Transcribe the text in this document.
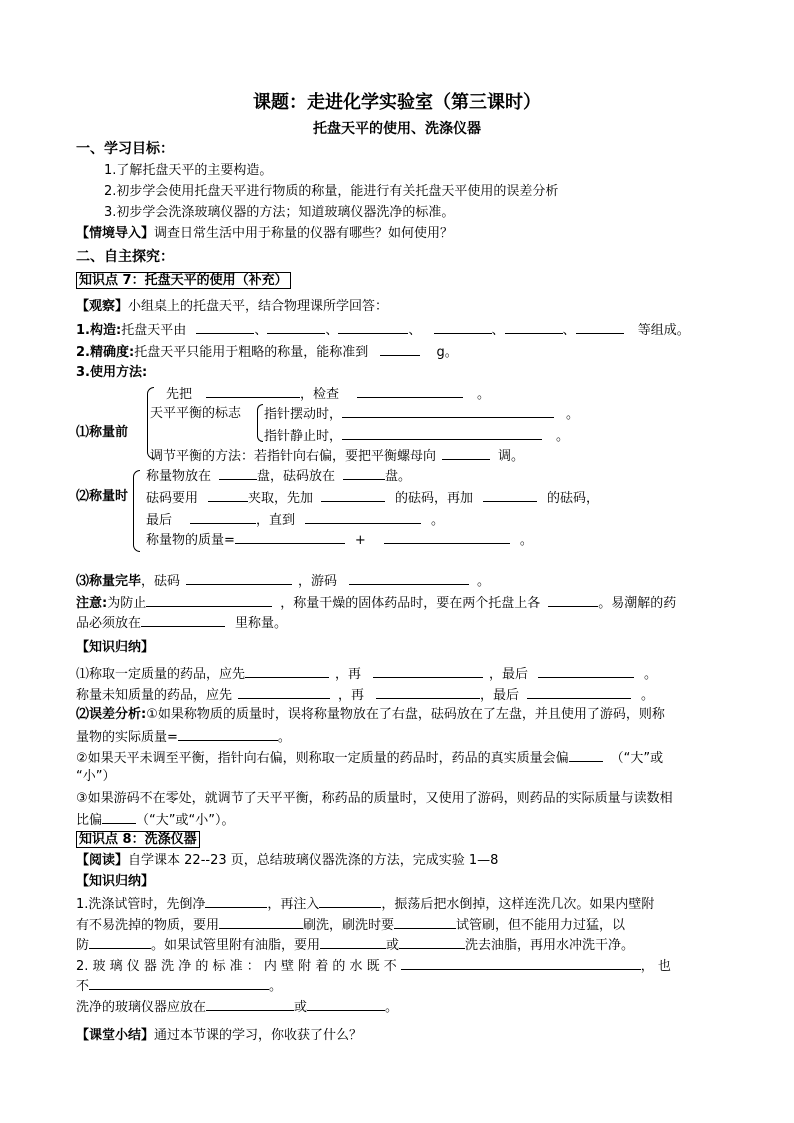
课题：走进化学实验室（第三课时）
托盘天平的使用、洗涤仪器
一、学习目标：
1.了解托盘天平的主要构造。
2.初步学会使用托盘天平进行物质的称量，能进行有关托盘天平使用的误差分析
3.初步学会洗涤玻璃仪器的方法；知道玻璃仪器洗净的标准。
【情境导入】调查日常生活中用于称量的仪器有哪些？如何使用？
二、自主探究：
知识点 7：托盘天平的使用（补充）
【观察】小组桌上的托盘天平，结合物理课所学回答：
1.构造:托盘天平由	、	、	、	、	、	等组成。
2.精确度:托盘天平只能用于粗略的称量，能称准到	g。
3.使用方法:
⑴称量前
先把	，检查	。
天平平衡的标志 指针摆动时，	。
指针静止时，	。
调节平衡的方法：若指针向右偏，要把平衡螺母向	调。
⑵称量时
称量物放在	盘，砝码放在	盘。
砝码要用	夹取，先加	的砝码，再加	的砝码，
最后	，直到	。
称量物的质量=	+	。
⑶称量完毕，砝码	，游码	。
注意:为防止	，称量干燥的固体药品时，要在两个托盘上各	。易潮解的药
品必须放在	里称量。
【知识归纳】
⑴称取一定质量的药品，应先	，再	，最后	。
称量未知质量的药品，应先	，再	，最后	。
⑵误差分析:①如果称物质的质量时，误将称量物放在了右盘，砝码放在了左盘，并且使用了游码，则称
量物的实际质量=	。
②如果天平未调至平衡，指针向右偏，则称取一定质量的药品时，药品的真实质量会偏	（“大”或
“小”）
③如果游码不在零处，就调节了天平平衡，称药品的质量时，又使用了游码，则药品的实际质量与读数相
比偏	（“大”或“小”）。
知识点 8：洗涤仪器
【阅读】自学课本 22--23 页，总结玻璃仪器洗涤的方法，完成实验 1—8
【知识归纳】
1.洗涤试管时，先倒净	，再注入	，振荡后把水倒掉，这样连洗几次。如果内壁附
有不易洗掉的物质，要用	刷洗，刷洗时要	试管刷，但不能用力过猛，以
防	。如果试管里附有油脂，要用	或	洗去油脂，再用水冲洗干净。
2. 玻 璃 仪 器 洗 净 的 标 准 ： 内 壁 附 着 的 水 既 不	， 也
不	。
洗净的玻璃仪器应放在	或	。
【课堂小结】通过本节课的学习，你收获了什么？
